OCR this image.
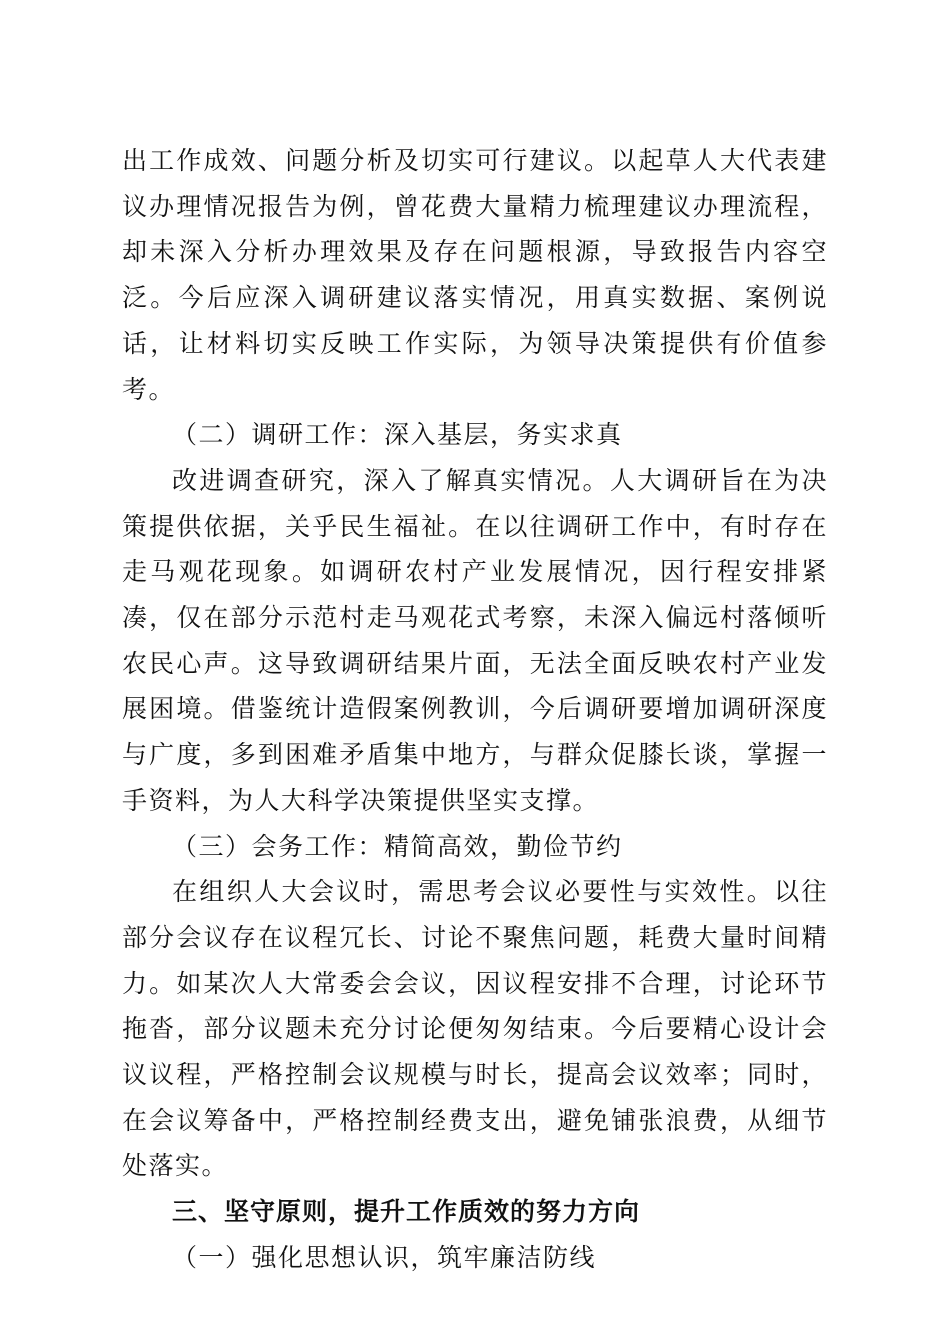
出工作成效、问题分析及切实可行建议。以起草人大代表建议办理情况报告为例，曾花费大量精力梳理建议办理流程，却未深入分析办理效果及存在问题根源，导致报告内容空泛。今后应深入调研建议落实情况，用真实数据、案例说话，让材料切实反映工作实际，为领导决策提供有价值参考。

（二）调研工作：深入基层，务实求真

改进调查研究，深入了解真实情况。人大调研旨在为决策提供依据，关乎民生福祉。在以往调研工作中，有时存在走马观花现象。如调研农村产业发展情况，因行程安排紧凑，仅在部分示范村走马观花式考察，未深入偏远村落倾听农民心声。这导致调研结果片面，无法全面反映农村产业发展困境。借鉴统计造假案例教训，今后调研要增加调研深度与广度，多到困难矛盾集中地方，与群众促膝长谈，掌握一手资料，为人大科学决策提供坚实支撑。

（三）会务工作：精简高效，勤俭节约

在组织人大会议时，需思考会议必要性与实效性。以往部分会议存在议程冗长、讨论不聚焦问题，耗费大量时间精力。如某次人大常委会会议，因议程安排不合理，讨论环节拖沓，部分议题未充分讨论便匆匆结束。今后要精心设计会议议程，严格控制会议规模与时长，提高会议效率；同时，在会议筹备中，严格控制经费支出，避免铺张浪费，从细节处落实。

三、坚守原则，提升工作质效的努力方向

（一）强化思想认识，筑牢廉洁防线
